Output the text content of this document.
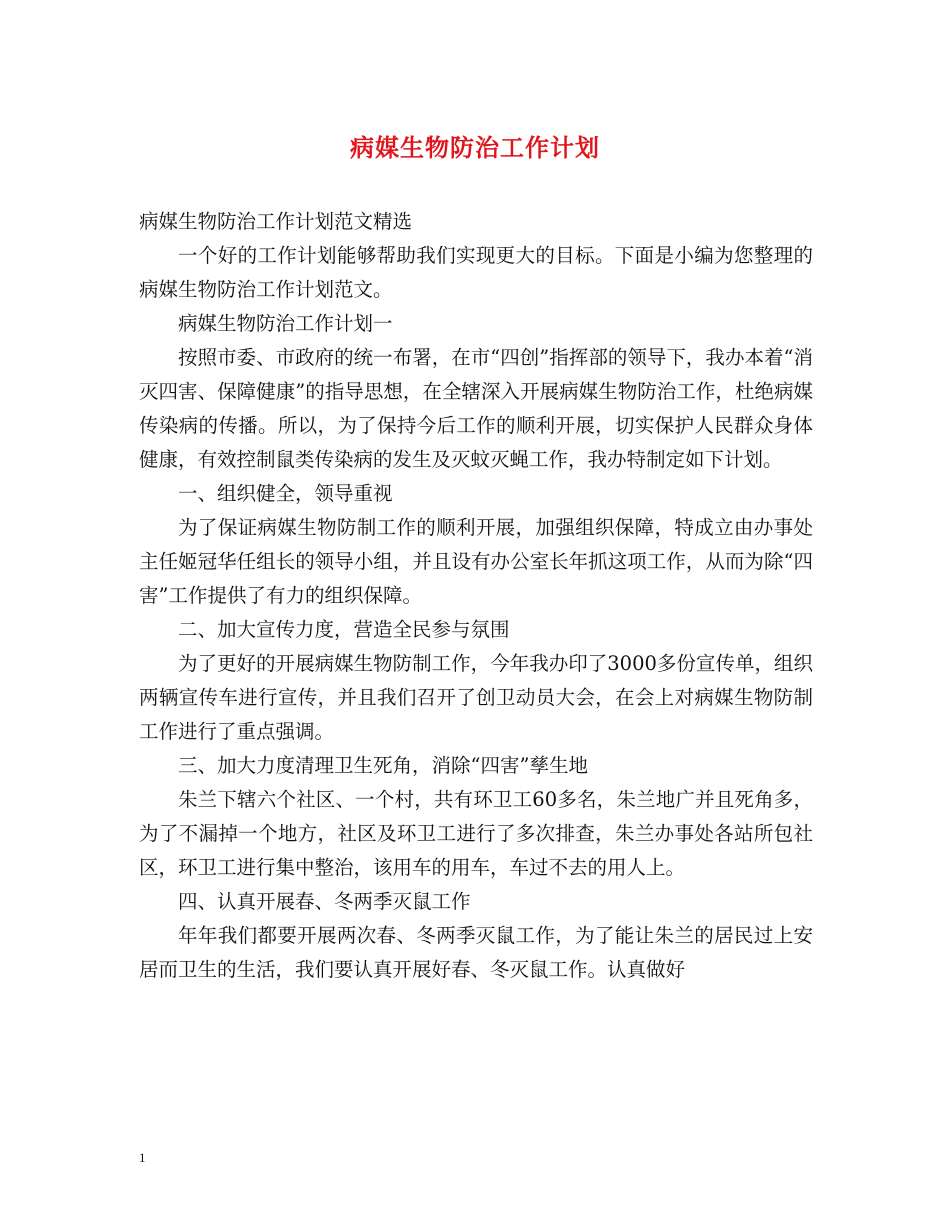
病媒生物防治工作计划

病媒生物防治工作计划范文精选

一个好的工作计划能够帮助我们实现更大的目标。下面是小编为您整理的病媒生物防治工作计划范文。

病媒生物防治工作计划一

按照市委、市政府的统一布署，在市“四创”指挥部的领导下，我办本着“消灭四害、保障健康”的指导思想，在全辖深入开展病媒生物防治工作，杜绝病媒传染病的传播。所以，为了保持今后工作的顺利开展，切实保护人民群众身体健康，有效控制鼠类传染病的发生及灭蚊灭蝇工作，我办特制定如下计划。

一、组织健全，领导重视

为了保证病媒生物防制工作的顺利开展，加强组织保障，特成立由办事处主任姬冠华任组长的领导小组，并且设有办公室长年抓这项工作，从而为除“四害”工作提供了有力的组织保障。

二、加大宣传力度，营造全民参与氛围

为了更好的开展病媒生物防制工作，今年我办印了3000多份宣传单，组织两辆宣传车进行宣传，并且我们召开了创卫动员大会，在会上对病媒生物防制工作进行了重点强调。

三、加大力度清理卫生死角，消除“四害”孳生地

朱兰下辖六个社区、一个村，共有环卫工60多名，朱兰地广并且死角多，为了不漏掉一个地方，社区及环卫工进行了多次排查，朱兰办事处各站所包社区，环卫工进行集中整治，该用车的用车，车过不去的用人上。

四、认真开展春、冬两季灭鼠工作

年年我们都要开展两次春、冬两季灭鼠工作，为了能让朱兰的居民过上安居而卫生的生活，我们要认真开展好春、冬灭鼠工作。认真做好

1
